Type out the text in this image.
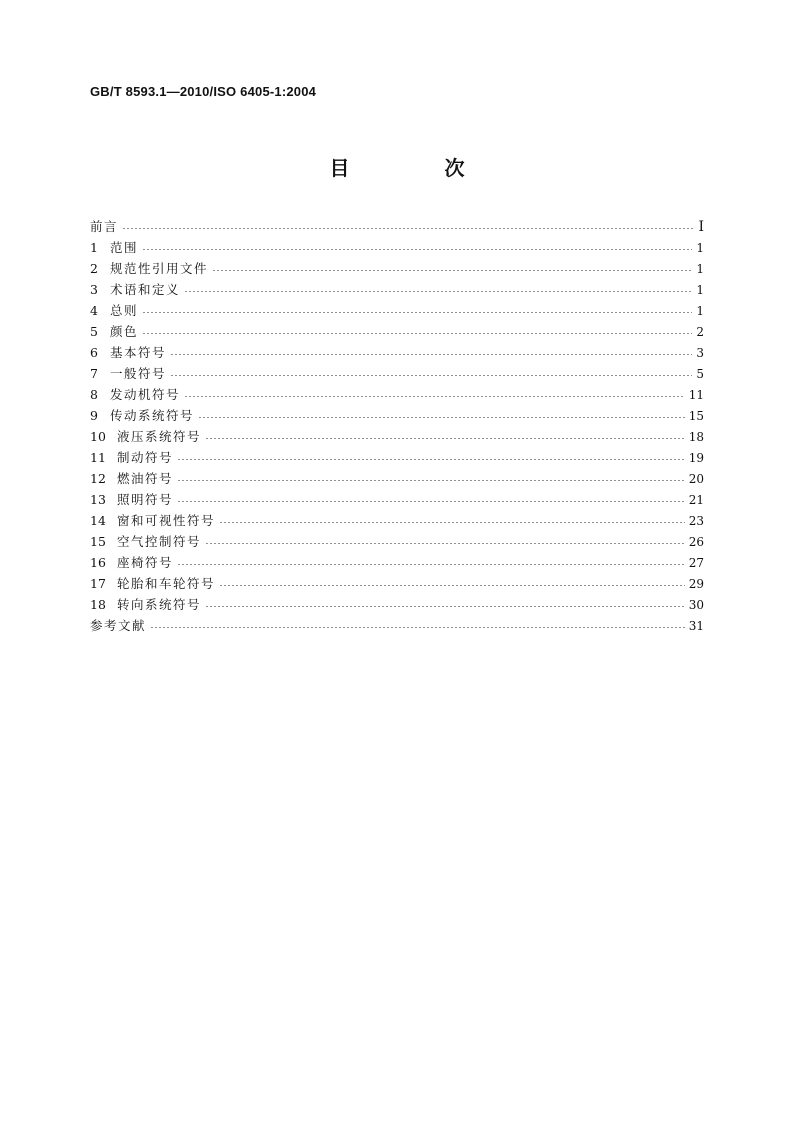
GB/T 8593.1—2010/ISO 6405-1:2004
目 次
前言	I
1 范围	1
2 规范性引用文件	1
3 术语和定义	1
4 总则	1
5 颜色	2
6 基本符号	3
7 一般符号	5
8 发动机符号	11
9 传动系统符号	15
10 液压系统符号	18
11 制动符号	19
12 燃油符号	20
13 照明符号	21
14 窗和可视性符号	23
15 空气控制符号	26
16 座椅符号	27
17 轮胎和车轮符号	29
18 转向系统符号	30
参考文献	31
